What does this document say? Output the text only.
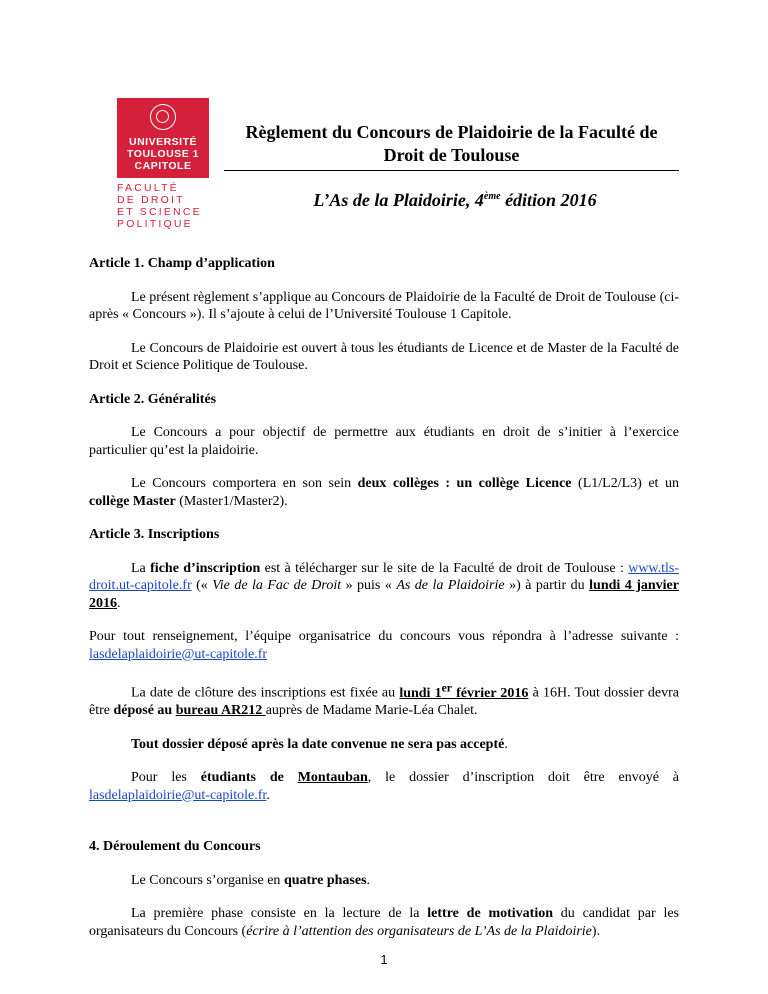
UNIVERSITÉ
TOULOUSE 1
CAPITOLE
FACULTÉ
DE DROIT
ET SCIENCE
POLITIQUE
Règlement du Concours de Plaidoirie de la Faculté de Droit de Toulouse
L’As de la Plaidoirie, 4ème édition 2016
Article 1. Champ d’application

Le présent règlement s’applique au Concours de Plaidoirie de la Faculté de Droit de Toulouse (ci-après « Concours »). Il s’ajoute à celui de l’Université Toulouse 1 Capitole.

Le Concours de Plaidoirie est ouvert à tous les étudiants de Licence et de Master de la Faculté de Droit et Science Politique de Toulouse.

Article 2. Généralités

Le Concours a pour objectif de permettre aux étudiants en droit de s’initier à l’exercice particulier qu’est la plaidoirie.

Le Concours comportera en son sein deux collèges : un collège Licence (L1/L2/L3) et un collège Master (Master1/Master2).

Article 3. Inscriptions

La fiche d’inscription est à télécharger sur le site de la Faculté de droit de Toulouse : www.tls-droit.ut-capitole.fr (« Vie de la Fac de Droit » puis « As de la Plaidoirie ») à partir du lundi 4 janvier 2016.

Pour tout renseignement, l’équipe organisatrice du concours vous répondra à l’adresse suivante : lasdelaplaidoirie@ut-capitole.fr

La date de clôture des inscriptions est fixée au lundi 1er février 2016 à 16H. Tout dossier devra être déposé au bureau AR212 auprès de Madame Marie-Léa Chalet.

Tout dossier déposé après la date convenue ne sera pas accepté.

Pour les étudiants de Montauban, le dossier d’inscription doit être envoyé à lasdelaplaidoirie@ut-capitole.fr.

4. Déroulement du Concours

Le Concours s’organise en quatre phases.

La première phase consiste en la lecture de la lettre de motivation du candidat par les organisateurs du Concours (écrire à l’attention des organisateurs de L’As de la Plaidoirie).

1
